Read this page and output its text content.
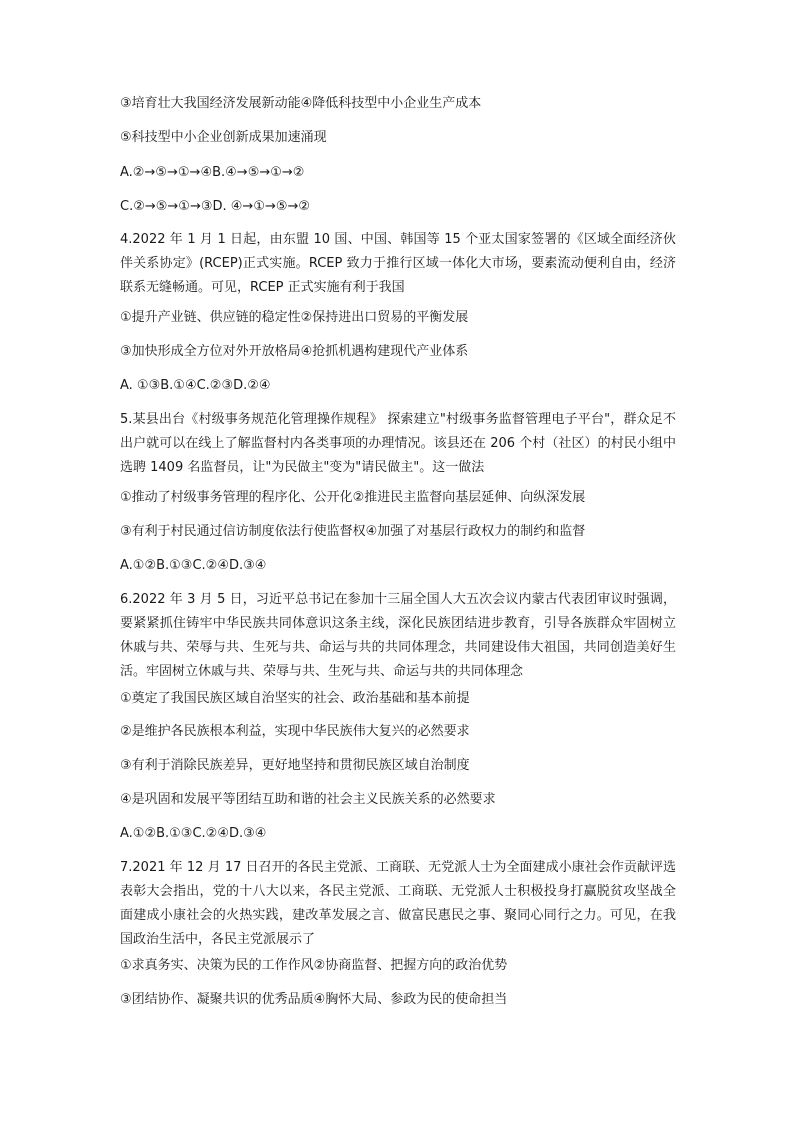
③培育壮大我国经济发展新动能④降低科技型中小企业生产成本
⑤科技型中小企业创新成果加速涌现
A.②→⑤→①→④B.④→⑤→①→②
C.②→⑤→①→③D. ④→①→⑤→②
4.2022 年 1 月 1 日起，由东盟 10 国、中国、韩国等 15 个亚太国家签署的《区域全面经济伙伴关系协定》(RCEP)正式实施。RCEP 致力于推行区域一体化大市场，要素流动便利自由，经济联系无缝畅通。可见，RCEP 正式实施有利于我国
①提升产业链、供应链的稳定性②保持进出口贸易的平衡发展
③加快形成全方位对外开放格局④抢抓机遇构建现代产业体系
A. ①③B.①④C.②③D.②④
5.某县出台《村级事务规范化管理操作规程》 探索建立"村级事务监督管理电子平台"，群众足不出户就可以在线上了解监督村内各类事项的办理情况。该县还在 206 个村（社区）的村民小组中选聘 1409 名监督员，让"为民做主"变为"请民做主"。这一做法
①推动了村级事务管理的程序化、公开化②推进民主监督向基层延伸、向纵深发展
③有利于村民通过信访制度依法行使监督权④加强了对基层行政权力的制约和监督
A.①②B.①③C.②④D.③④
6.2022 年 3 月 5 日，习近平总书记在参加十三届全国人大五次会议内蒙古代表团审议时强调，要紧紧抓住铸牢中华民族共同体意识这条主线，深化民族团结进步教育，引导各族群众牢固树立休戚与共、荣辱与共、生死与共、命运与共的共同体理念，共同建设伟大祖国，共同创造美好生活。牢固树立休戚与共、荣辱与共、生死与共、命运与共的共同体理念
①奠定了我国民族区域自治坚实的社会、政治基础和基本前提
②是维护各民族根本利益，实现中华民族伟大复兴的必然要求
③有利于消除民族差异，更好地坚持和贯彻民族区域自治制度
④是巩固和发展平等团结互助和谐的社会主义民族关系的必然要求
A.①②B.①③C.②④D.③④
7.2021 年 12 月 17 日召开的各民主党派、工商联、无党派人士为全面建成小康社会作贡献评选表彰大会指出，党的十八大以来，各民主党派、工商联、无党派人士积极投身打赢脱贫攻坚战全面建成小康社会的火热实践，建改革发展之言、做富民惠民之事、聚同心同行之力。可见，在我国政治生活中，各民主党派展示了
①求真务实、决策为民的工作作风②协商监督、把握方向的政治优势
③团结协作、凝聚共识的优秀品质④胸怀大局、参政为民的使命担当
